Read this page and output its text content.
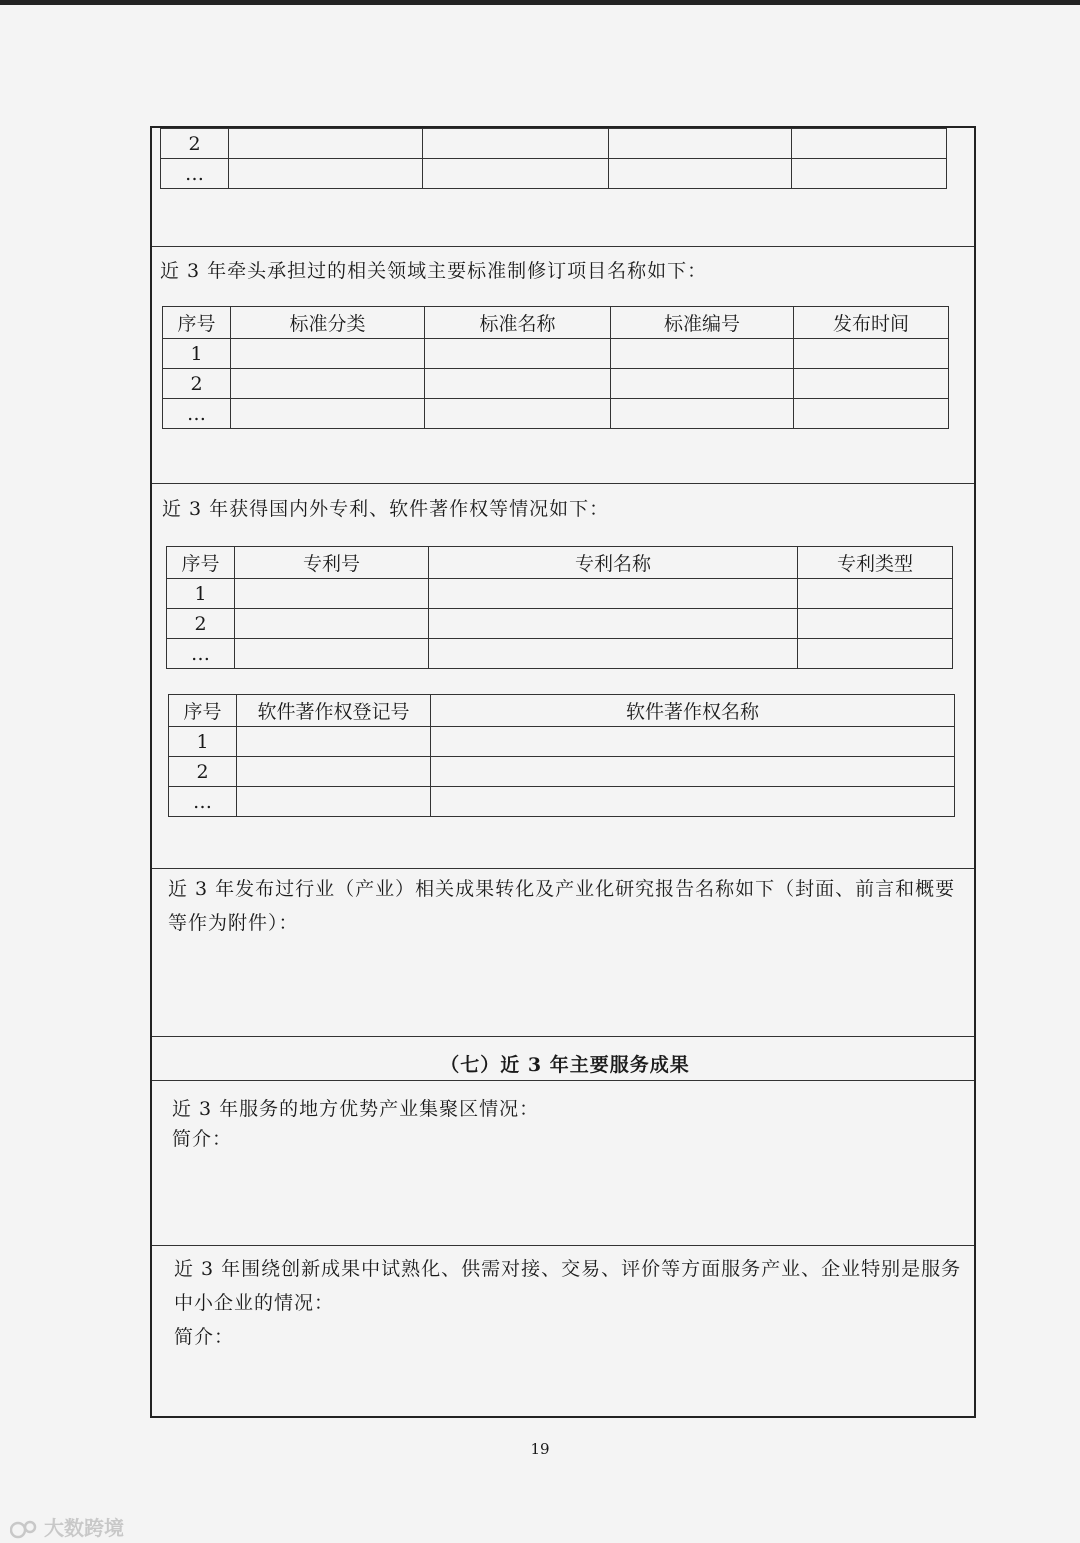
2				
…				
近 3 年牵头承担过的相关领域主要标准制修订项目名称如下：
序号	标准分类	标准名称	标准编号	发布时间
1				
2				
…				
近 3 年获得国内外专利、软件著作权等情况如下：
序号	专利号	专利名称	专利类型
1			
2			
…			
序号	软件著作权登记号	软件著作权名称
1		
2		
…		
近 3 年发布过行业（产业）相关成果转化及产业化研究报告名称如下（封面、前言和概要等作为附件）：
（七）近 3 年主要服务成果
近 3 年服务的地方优势产业集聚区情况：
简介：
近 3 年围绕创新成果中试熟化、供需对接、交易、评价等方面服务产业、企业特别是服务中小企业的情况：
简介：
19
大数跨境
